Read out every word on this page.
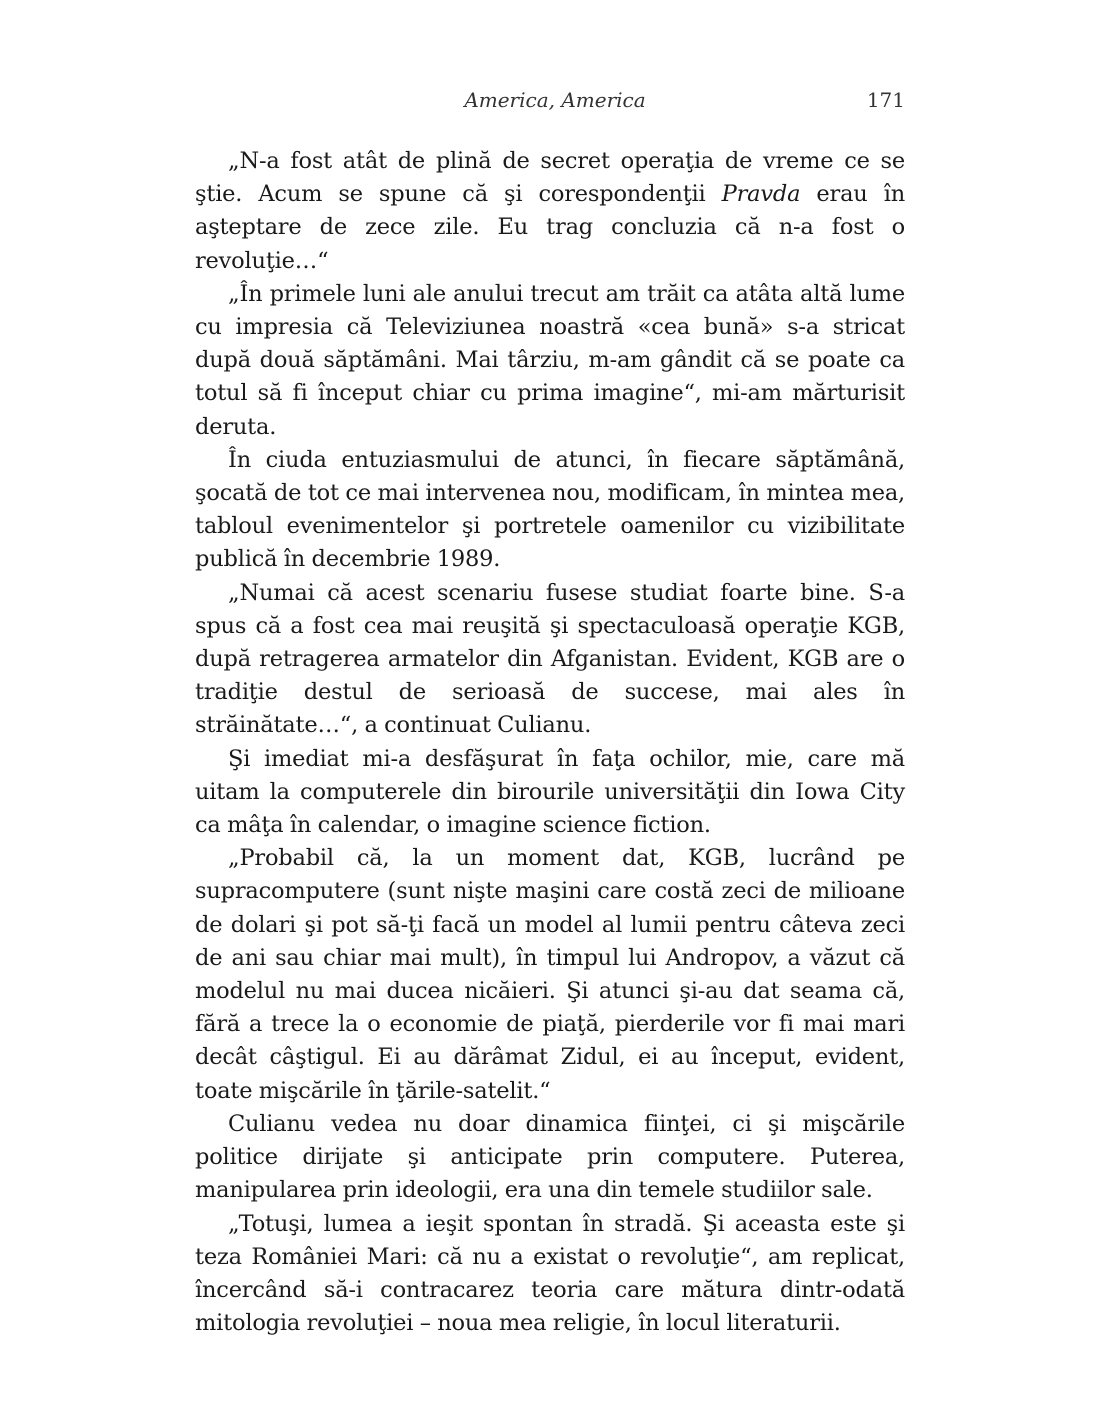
America, America	171

„N-a fost atât de plină de secret operaţia de vreme ce se ştie. Acum se spune că şi corespondenţii Pravda erau în aşteptare de zece zile. Eu trag concluzia că n-a fost o revoluţie…“

„În primele luni ale anului trecut am trăit ca atâta altă lume cu impresia că Televiziunea noastră «cea bună» s-a stricat după două săptămâni. Mai târziu, m-am gândit că se poate ca totul să fi început chiar cu prima imagine“, mi-am mărturisit deruta.

În ciuda entuziasmului de atunci, în fiecare săptămână, şocată de tot ce mai intervenea nou, modificam, în mintea mea, tabloul evenimentelor şi portretele oamenilor cu vizibilitate publică în decembrie 1989.

„Numai că acest scenariu fusese studiat foarte bine. S-a spus că a fost cea mai reuşită şi spectaculoasă operaţie KGB, după retragerea armatelor din Afganistan. Evident, KGB are o tradiţie destul de serioasă de succese, mai ales în străinătate…“, a continuat Culianu.

Şi imediat mi-a desfăşurat în faţa ochilor, mie, care mă uitam la computerele din birourile universităţii din Iowa City ca mâţa în calendar, o imagine science fiction.

„Probabil că, la un moment dat, KGB, lucrând pe supracomputere (sunt nişte maşini care costă zeci de milioane de dolari şi pot să-ţi facă un model al lumii pentru câteva zeci de ani sau chiar mai mult), în timpul lui Andropov, a văzut că modelul nu mai ducea nicăieri. Şi atunci şi-au dat seama că, fără a trece la o economie de piaţă, pierderile vor fi mai mari decât câştigul. Ei au dărâmat Zidul, ei au început, evident, toate mişcările în ţările-satelit.“

Culianu vedea nu doar dinamica fiinţei, ci şi mişcările politice dirijate şi anticipate prin computere. Puterea, manipularea prin ideologii, era una din temele studiilor sale.

„Totuşi, lumea a ieşit spontan în stradă. Şi aceasta este şi teza României Mari: că nu a existat o revoluţie“, am replicat, încercând să-i contracarez teoria care mătura dintr-odată mitologia revoluţiei – noua mea religie, în locul literaturii.
